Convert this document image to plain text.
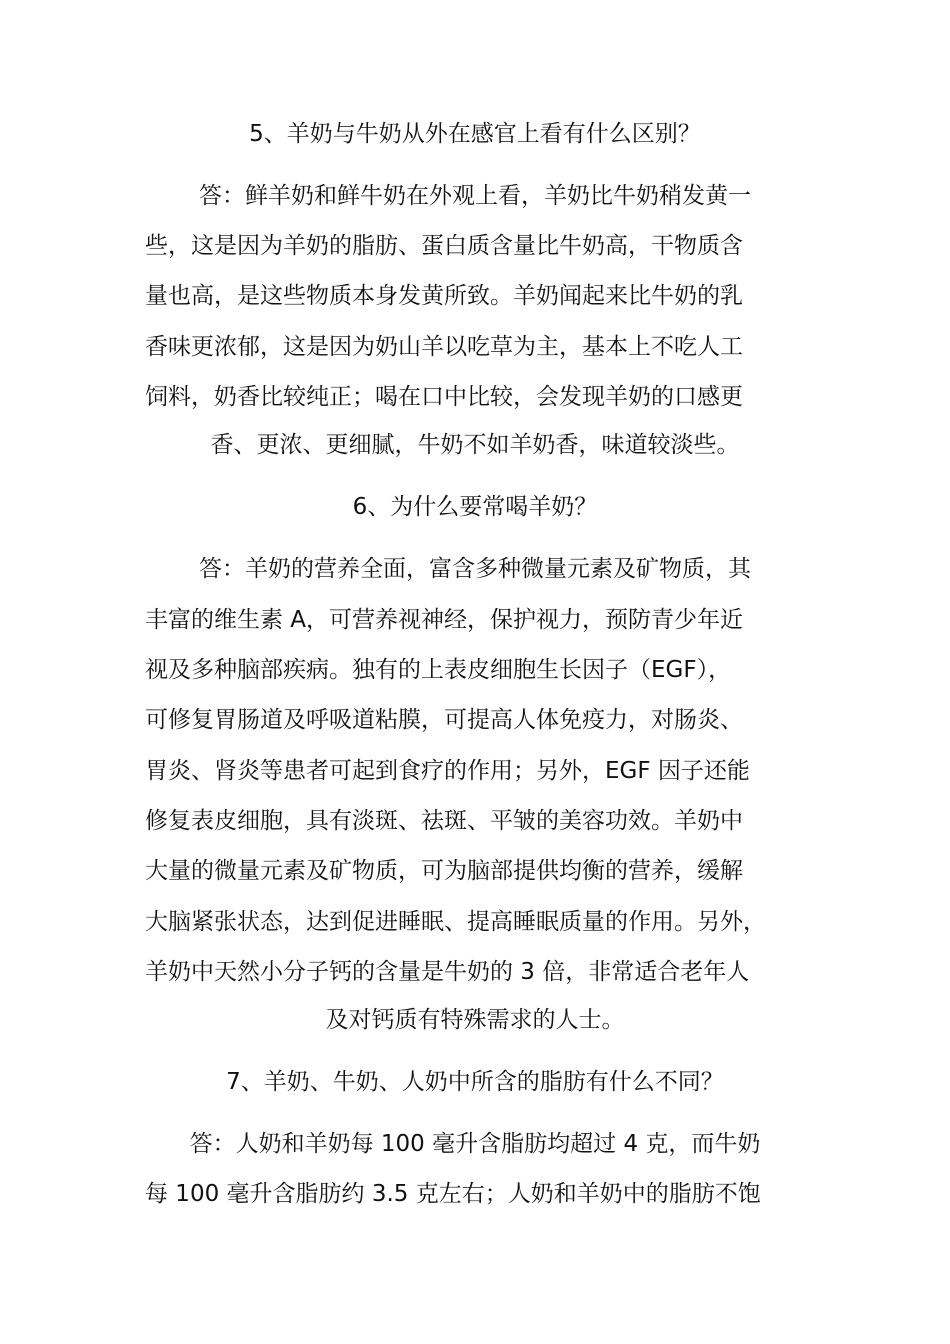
5、羊奶与牛奶从外在感官上看有什么区别？
答：鲜羊奶和鲜牛奶在外观上看，羊奶比牛奶稍发黄一
些，这是因为羊奶的脂肪、蛋白质含量比牛奶高，干物质含
量也高，是这些物质本身发黄所致。羊奶闻起来比牛奶的乳
香味更浓郁，这是因为奶山羊以吃草为主，基本上不吃人工
饲料，奶香比较纯正；喝在口中比较，会发现羊奶的口感更
香、更浓、更细腻，牛奶不如羊奶香，味道较淡些。
6、为什么要常喝羊奶？
答：羊奶的营养全面，富含多种微量元素及矿物质，其
丰富的维生素 A，可营养视神经，保护视力，预防青少年近
视及多种脑部疾病。独有的上表皮细胞生长因子（EGF），
可修复胃肠道及呼吸道粘膜，可提高人体免疫力，对肠炎、
胃炎、肾炎等患者可起到食疗的作用；另外，EGF 因子还能
修复表皮细胞，具有淡斑、祛斑、平皱的美容功效。羊奶中
大量的微量元素及矿物质，可为脑部提供均衡的营养，缓解
大脑紧张状态，达到促进睡眠、提高睡眠质量的作用。另外，
羊奶中天然小分子钙的含量是牛奶的 3 倍，非常适合老年人
及对钙质有特殊需求的人士。
7、羊奶、牛奶、人奶中所含的脂肪有什么不同？
答：人奶和羊奶每 100 毫升含脂肪均超过 4 克，而牛奶
每 100 毫升含脂肪约 3.5 克左右；人奶和羊奶中的脂肪不饱
